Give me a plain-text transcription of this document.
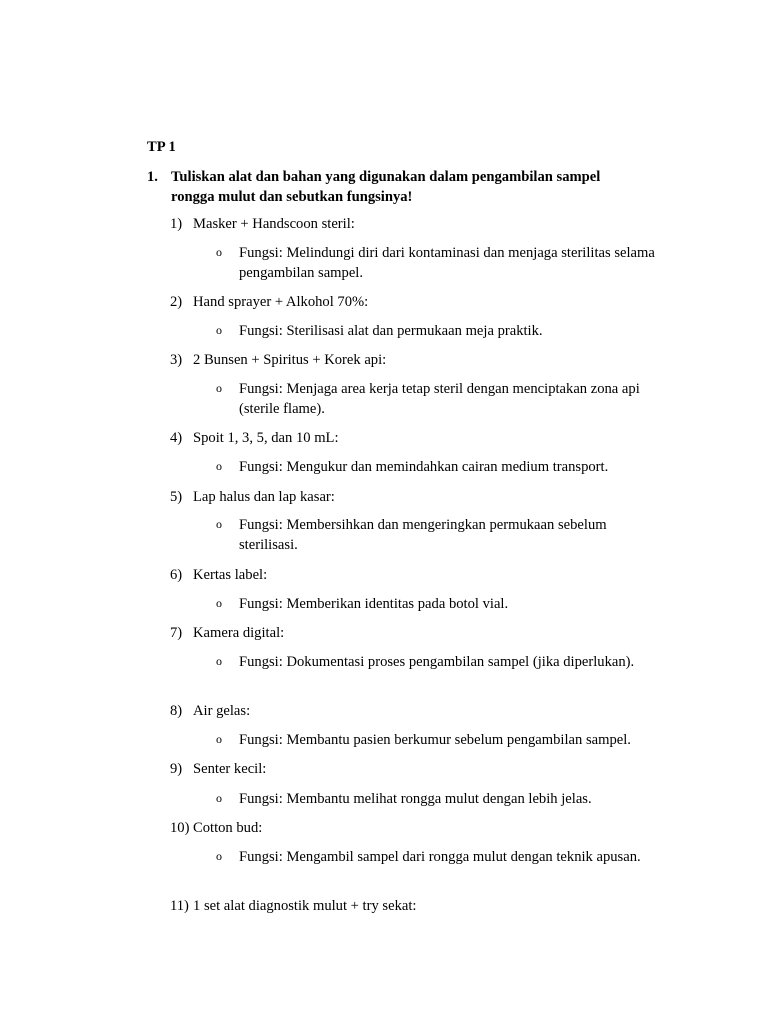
TP 1
1. Tuliskan alat dan bahan yang digunakan dalam pengambilan sampel rongga mulut dan sebutkan fungsinya!
1) Masker + Handscoon steril:
o Fungsi: Melindungi diri dari kontaminasi dan menjaga sterilitas selama pengambilan sampel.
2) Hand sprayer + Alkohol 70%:
o Fungsi: Sterilisasi alat dan permukaan meja praktik.
3) 2 Bunsen + Spiritus + Korek api:
o Fungsi: Menjaga area kerja tetap steril dengan menciptakan zona api (sterile flame).
4) Spoit 1, 3, 5, dan 10 mL:
o Fungsi: Mengukur dan memindahkan cairan medium transport.
5) Lap halus dan lap kasar:
o Fungsi: Membersihkan dan mengeringkan permukaan sebelum sterilisasi.
6) Kertas label:
o Fungsi: Memberikan identitas pada botol vial.
7) Kamera digital:
o Fungsi: Dokumentasi proses pengambilan sampel (jika diperlukan).
8) Air gelas:
o Fungsi: Membantu pasien berkumur sebelum pengambilan sampel.
9) Senter kecil:
o Fungsi: Membantu melihat rongga mulut dengan lebih jelas.
10) Cotton bud:
o Fungsi: Mengambil sampel dari rongga mulut dengan teknik apusan.
11) 1 set alat diagnostik mulut + try sekat:
